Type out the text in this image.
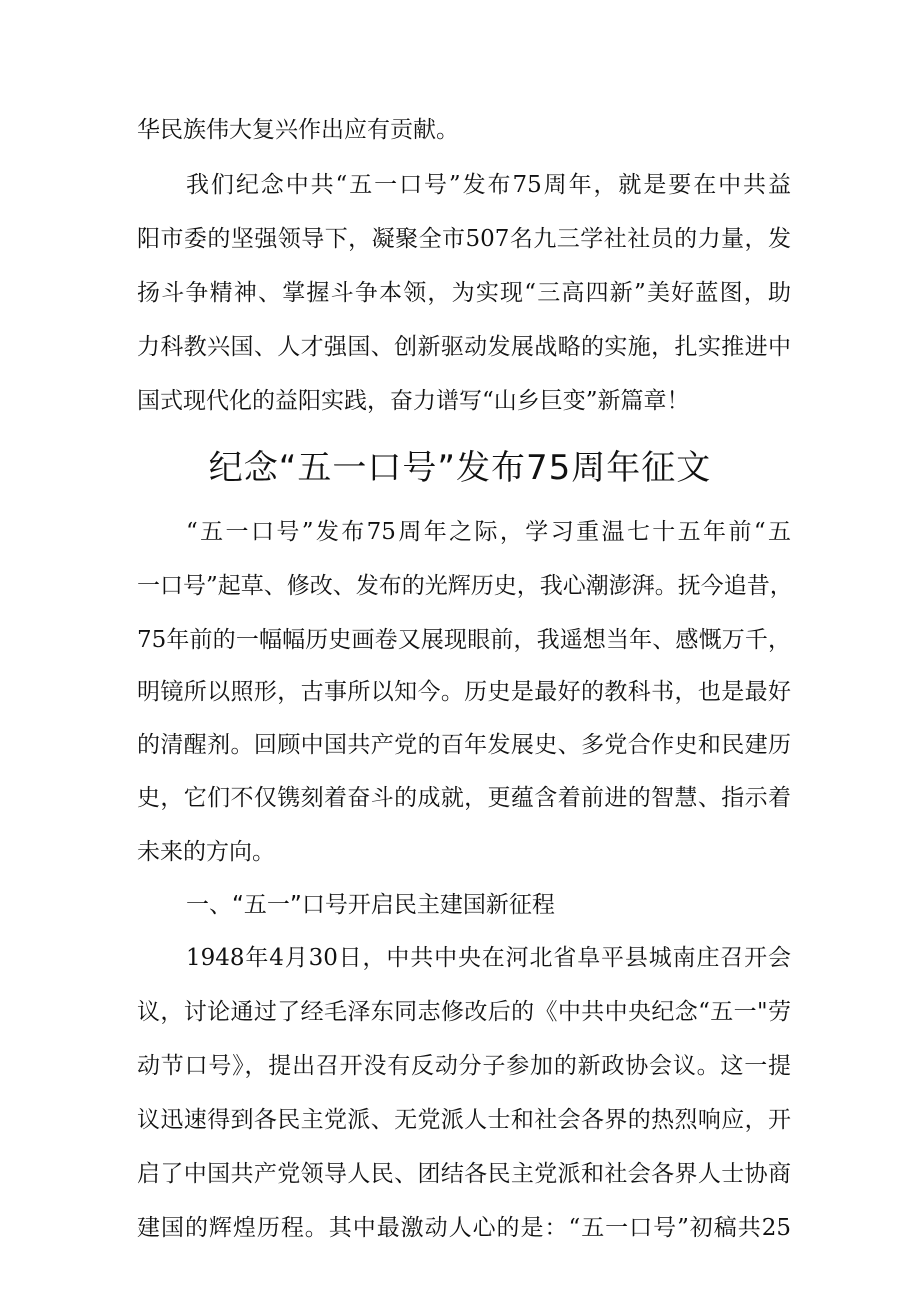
华民族伟大复兴作出应有贡献。
我们纪念中共“五一口号”发布75周年，就是要在中共益
阳市委的坚强领导下，凝聚全市507名九三学社社员的力量，发
扬斗争精神、掌握斗争本领，为实现“三高四新”美好蓝图，助
力科教兴国、人才强国、创新驱动发展战略的实施，扎实推进中
国式现代化的益阳实践，奋力谱写“山乡巨变”新篇章！
纪念“五一口号”发布75周年征文
“五一口号”发布75周年之际，学习重温七十五年前“五
一口号”起草、修改、发布的光辉历史，我心潮澎湃。抚今追昔，
75年前的一幅幅历史画卷又展现眼前，我遥想当年、感慨万千，
明镜所以照形，古事所以知今。历史是最好的教科书，也是最好
的清醒剂。回顾中国共产党的百年发展史、多党合作史和民建历
史，它们不仅镌刻着奋斗的成就，更蕴含着前进的智慧、指示着
未来的方向。
一、“五一”口号开启民主建国新征程
1948年4月30日，中共中央在河北省阜平县城南庄召开会
议，讨论通过了经毛泽东同志修改后的《中共中央纪念“五一"劳
动节口号》，提出召开没有反动分子参加的新政协会议。这一提
议迅速得到各民主党派、无党派人士和社会各界的热烈响应，开
启了中国共产党领导人民、团结各民主党派和社会各界人士协商
建国的辉煌历程。其中最激动人心的是：“五一口号”初稿共25
